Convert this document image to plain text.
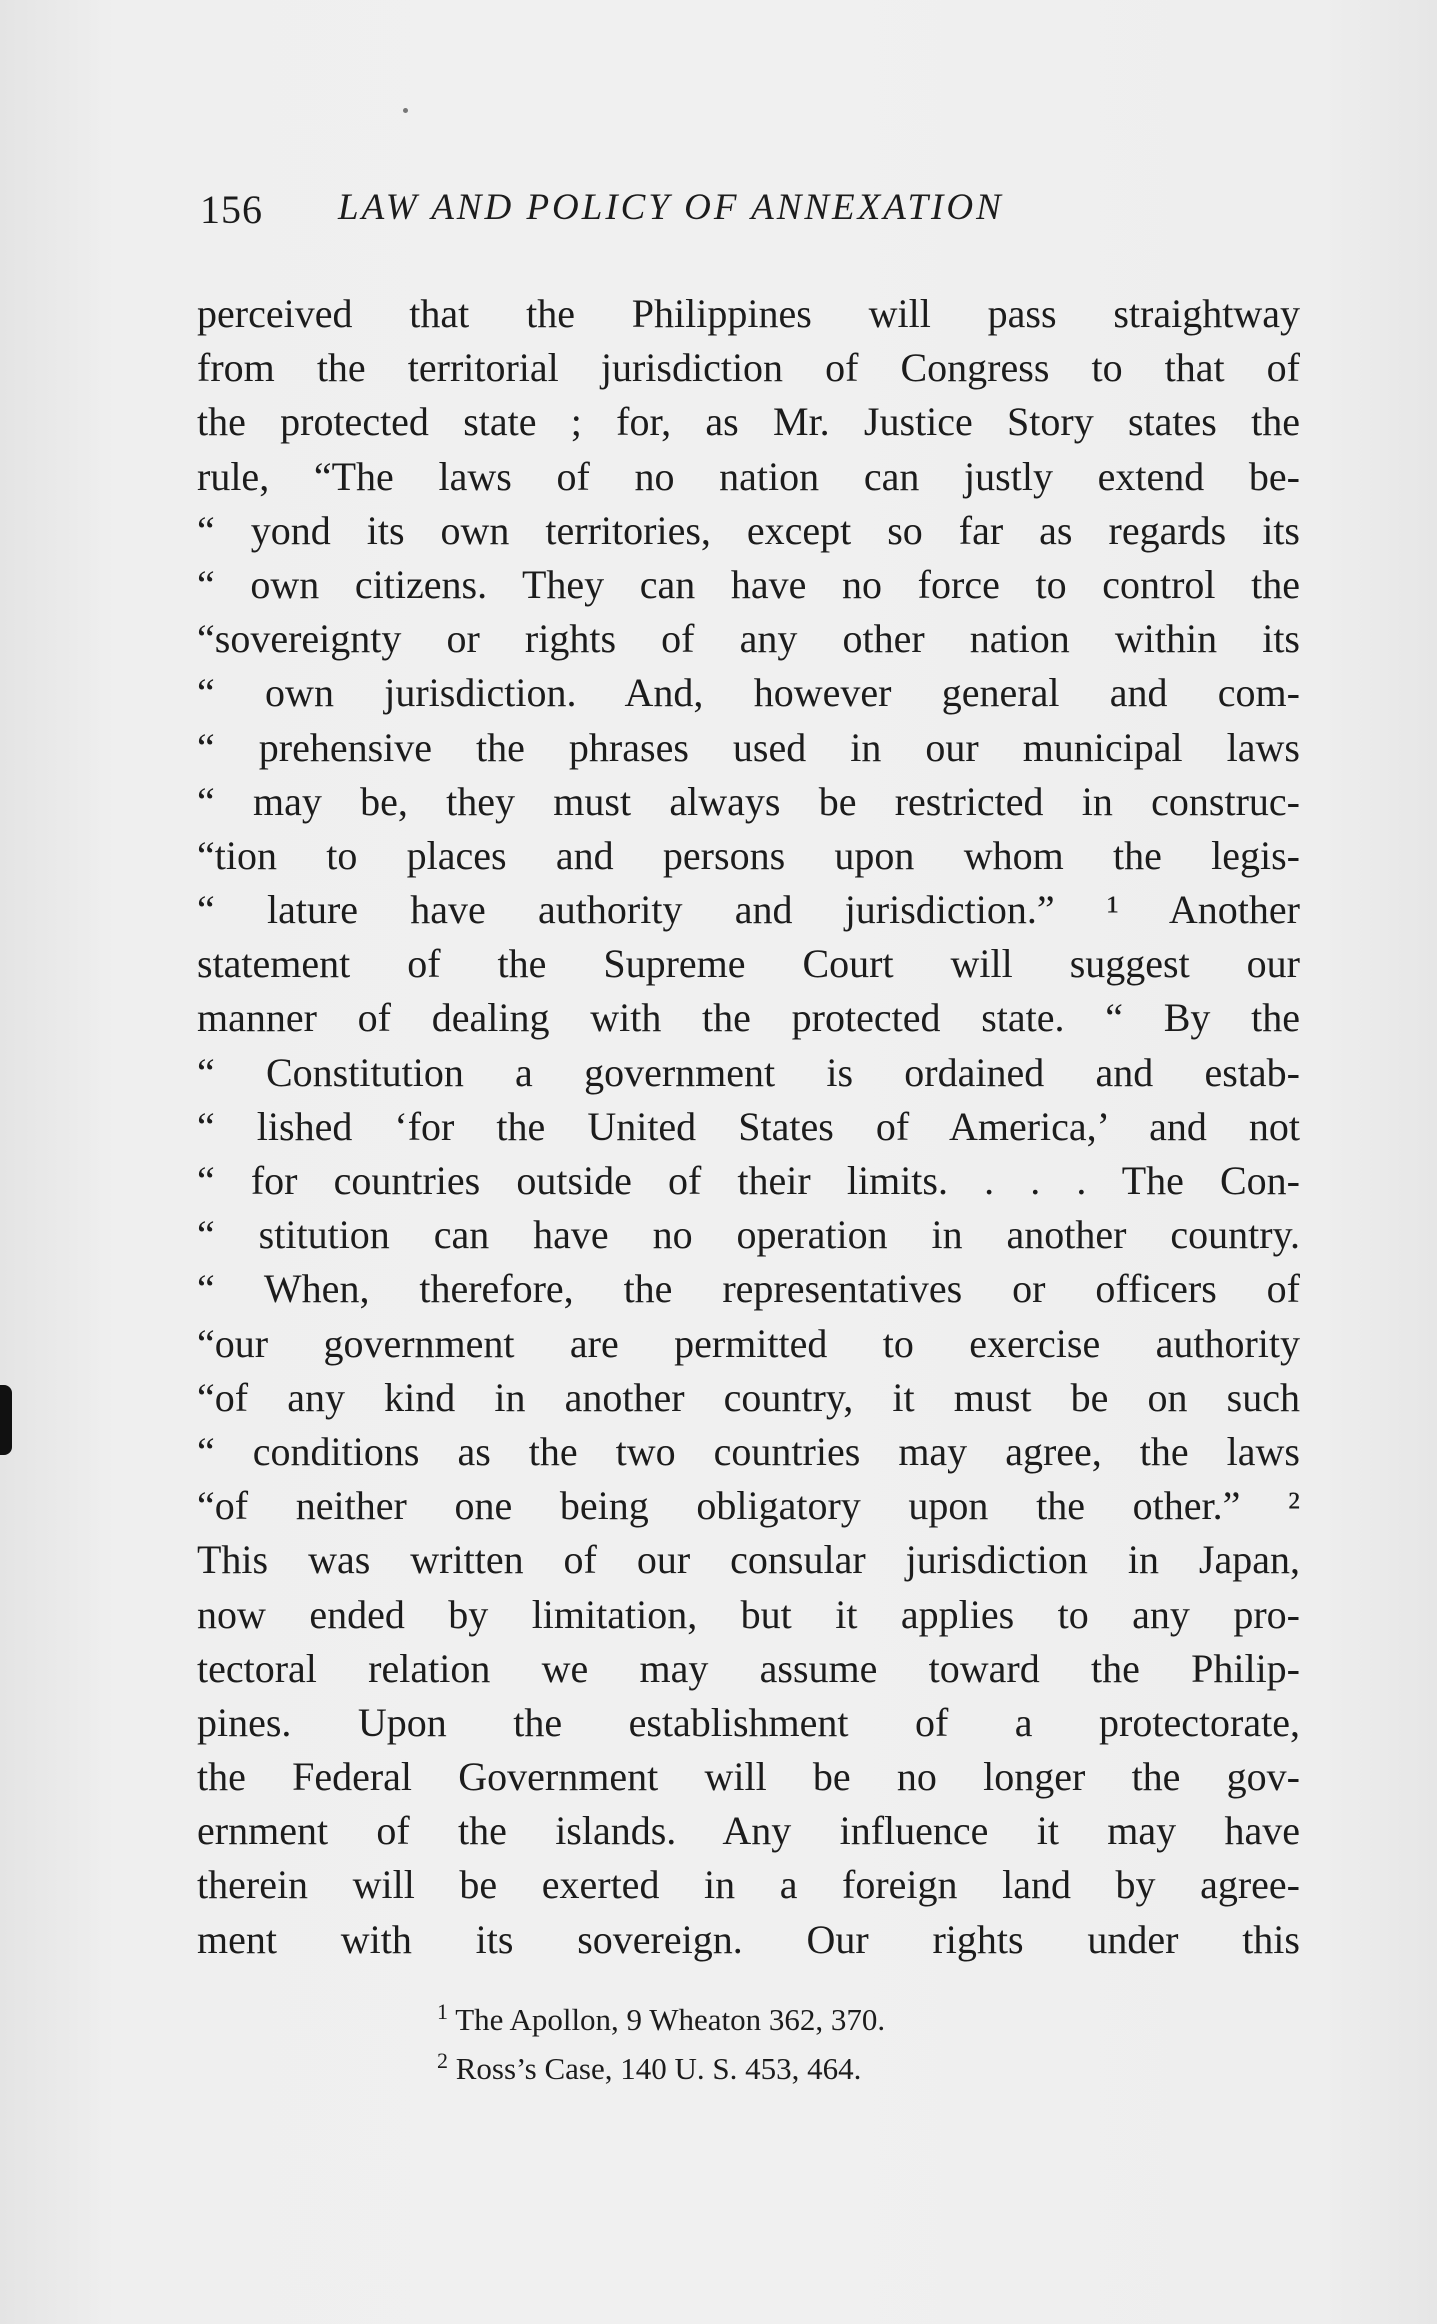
156 LAW AND POLICY OF ANNEXATION
perceived that the Philippines will pass straightway
from the territorial jurisdiction of Congress to that of
the protected state ; for, as Mr. Justice Story states the
rule, “The laws of no nation can justly extend be-
“ yond its own territories, except so far as regards its
“ own citizens. They can have no force to control the
“sovereignty or rights of any other nation within its
“ own jurisdiction. And, however general and com-
“ prehensive the phrases used in our municipal laws
“ may be, they must always be restricted in construc-
“tion to places and persons upon whom the legis-
“ lature have authority and jurisdiction.” ¹ Another
statement of the Supreme Court will suggest our
manner of dealing with the protected state. “ By the
“ Constitution a government is ordained and estab-
“ lished ‘for the United States of America,’ and not
“ for countries outside of their limits. . . . The Con-
“ stitution can have no operation in another country.
“ When, therefore, the representatives or officers of
“our government are permitted to exercise authority
“of any kind in another country, it must be on such
“ conditions as the two countries may agree, the laws
“of neither one being obligatory upon the other.” ²
This was written of our consular jurisdiction in Japan,
now ended by limitation, but it applies to any pro-
tectoral relation we may assume toward the Philip-
pines. Upon the establishment of a protectorate,
the Federal Government will be no longer the gov-
ernment of the islands. Any influence it may have
therein will be exerted in a foreign land by agree-
ment with its sovereign. Our rights under this
$^1$ The Apollon, 9 Wheaton 362, 370.
$^2$ Ross’s Case, 140 U. S. 453, 464.
